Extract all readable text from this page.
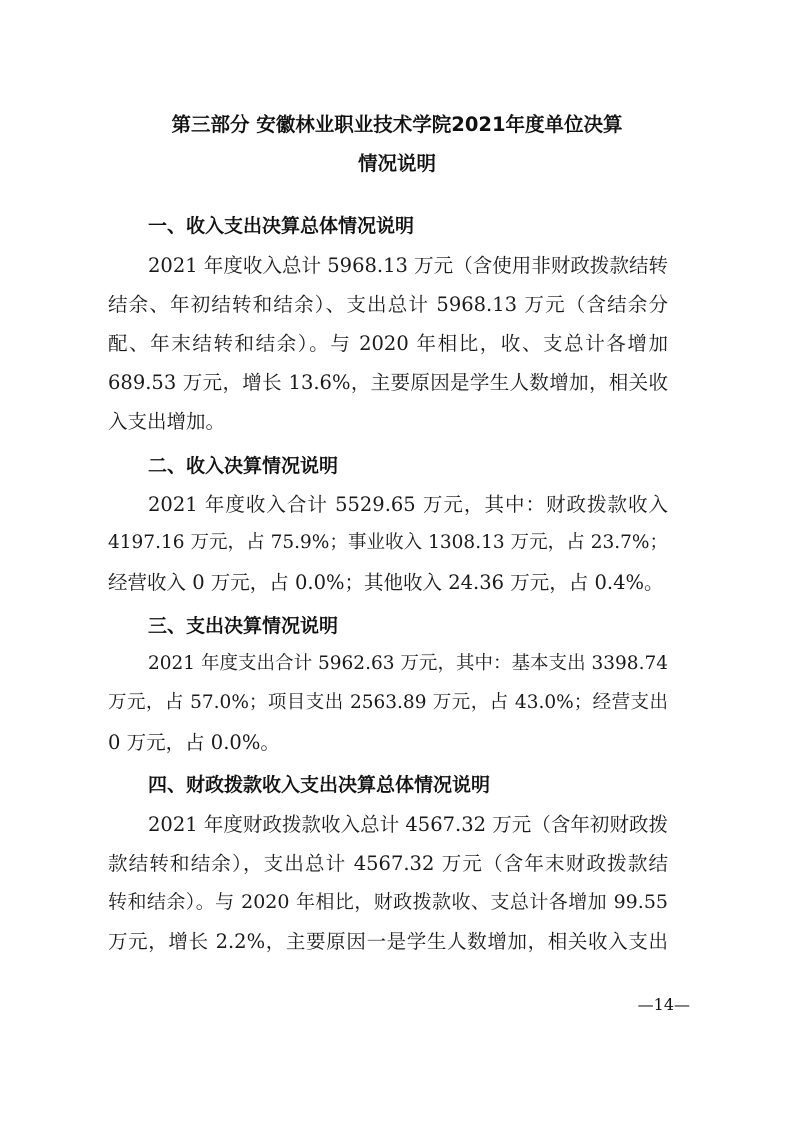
第三部分 安徽林业职业技术学院2021年度单位决算
情况说明
一、收入支出决算总体情况说明
2021 年度收入总计 5968.13 万元（含使用非财政拨款结转
结余、年初结转和结余）、支出总计 5968.13 万元（含结余分
配、年末结转和结余）。与 2020 年相比，收、支总计各增加
689.53 万元，增长 13.6%，主要原因是学生人数增加，相关收
入支出增加。
二、收入决算情况说明
2021 年度收入合计 5529.65 万元，其中：财政拨款收入
4197.16 万元，占 75.9%；事业收入 1308.13 万元，占 23.7%；
经营收入 0 万元，占 0.0%；其他收入 24.36 万元，占 0.4%。
三、支出决算情况说明
2021 年度支出合计 5962.63 万元，其中：基本支出 3398.74
万元，占 57.0%；项目支出 2563.89 万元，占 43.0%；经营支出
0 万元，占 0.0%。
四、财政拨款收入支出决算总体情况说明
2021 年度财政拨款收入总计 4567.32 万元（含年初财政拨
款结转和结余），支出总计 4567.32 万元（含年末财政拨款结
转和结余）。与 2020 年相比，财政拨款收、支总计各增加 99.55
万元，增长 2.2%，主要原因一是学生人数增加，相关收入支出
—14—
